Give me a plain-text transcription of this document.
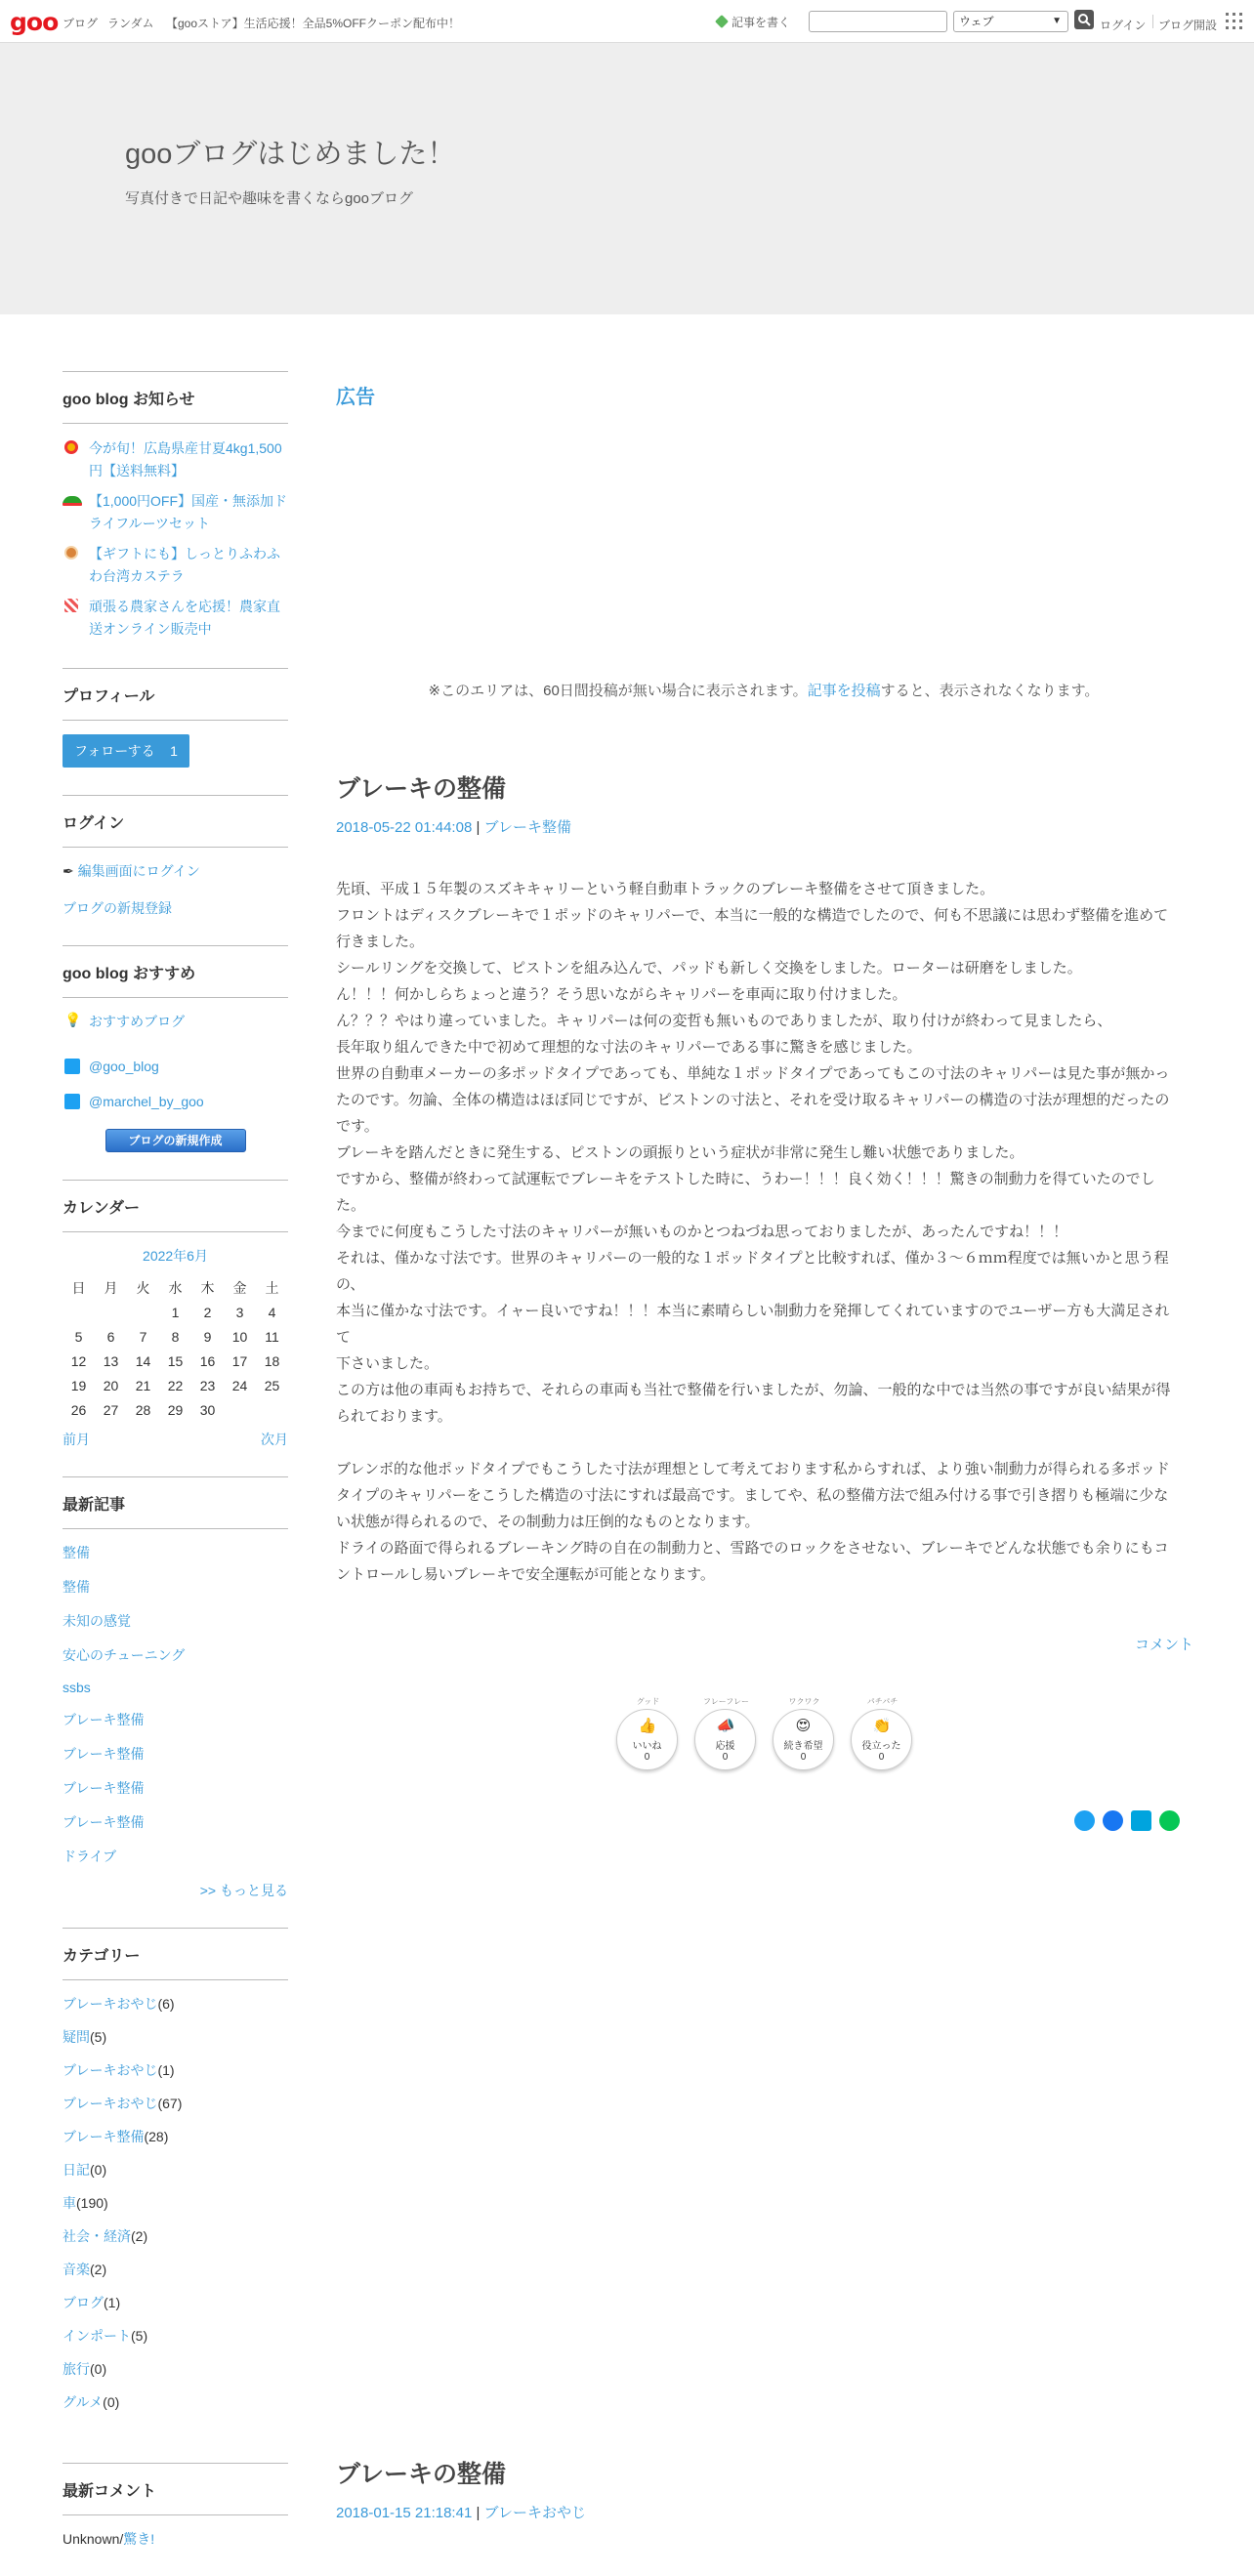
goo ブログ ランダム 【gooストア】生活応援！全品5%OFFクーポン配布中！	記事を書く	ウェブ	▼	ログイン ブログ開設
gooブログはじめました！
写真付きで日記や趣味を書くならgooブログ
goo blog お知らせ
今が旬！広島県産甘夏4kg1,500円【送料無料】
【1,000円OFF】国産・無添加ドライフルーツセット
【ギフトにも】しっとりふわふわ台湾カステラ
頑張る農家さんを応援！農家直送オンライン販売中
プロフィール
フォローする 1
ログイン
✒ 編集画面にログイン
ブログの新規登録
goo blog おすすめ
💡 おすすめブログ
@goo_blog
@marchel_by_goo
ブログの新規作成
カレンダー
2022年6月
日	月	火	水	木	金	土
			1	2	3	4
5	6	7	8	9	10	11
12	13	14	15	16	17	18
19	20	21	22	23	24	25
26	27	28	29	30		
前月	次月
最新記事
整備
整備
未知の感覚
安心のチューニング
ssbs
ブレーキ整備
ブレーキ整備
ブレーキ整備
ブレーキ整備
ドライブ
>> もっと見る
カテゴリー
ブレーキおやじ(6)
疑問(5)
ブレーキおやじ(1)
ブレーキおやじ(67)
ブレーキ整備(28)
日記(0)
車(190)
社会・経済(2)
音楽(2)
ブログ(1)
インポート(5)
旅行(0)
グルメ(0)
最新コメント
Unknown/驚き!
広告
※このエリアは、60日間投稿が無い場合に表示されます。記事を投稿すると、表示されなくなります。
ブレーキの整備
2018-05-22 01:44:08 | ブレーキ整備

先頃、平成１５年製のスズキキャリーという軽自動車トラックのブレーキ整備をさせて頂きました。

フロントはディスクブレーキで１ポッドのキャリパーで、本当に一般的な構造でしたので、何も不思議には思わず整備を進めて行きました。

シールリングを交換して、ピストンを組み込んで、パッドも新しく交換をしました。ローターは研磨をしました。

ん！！！何かしらちょっと違う？そう思いながらキャリパーを車両に取り付けました。

ん？？？やはり違っていました。キャリパーは何の変哲も無いものでありましたが、取り付けが終わって見ましたら、

長年取り組んできた中で初めて理想的な寸法のキャリパーである事に驚きを感じました。

世界の自動車メーカーの多ポッドタイプであっても、単純な１ポッドタイプであってもこの寸法のキャリパーは見た事が無かったのです。勿論、全体の構造はほぼ同じですが、ピストンの寸法と、それを受け取るキャリパーの構造の寸法が理想的だったのです。

ブレーキを踏んだときに発生する、ピストンの頭振りという症状が非常に発生し難い状態でありました。

ですから、整備が終わって試運転でブレーキをテストした時に、うわー！！！良く効く！！！驚きの制動力を得ていたのでした。

今までに何度もこうした寸法のキャリパーが無いものかとつねづね思っておりましたが、あったんですね！！！

それは、僅かな寸法です。世界のキャリパーの一般的な１ポッドタイプと比較すれば、僅か３～６ｍｍ程度では無いかと思う程の、

本当に僅かな寸法です。イャー良いですね！！！本当に素晴らしい制動力を発揮してくれていますのでユーザー方も大満足されて

下さいました。

この方は他の車両もお持ちで、それらの車両も当社で整備を行いましたが、勿論、一般的な中では当然の事ですが良い結果が得られております。

ブレンボ的な他ポッドタイプでもこうした寸法が理想として考えております私からすれば、より強い制動力が得られる多ポッドタイプのキャリパーをこうした構造の寸法にすれば最高です。ましてや、私の整備方法で組み付ける事で引き摺りも極端に少ない状態が得られるので、その制動力は圧倒的なものとなります。

ドライの路面で得られるブレーキング時の自在の制動力と、雪路でのロックをさせない、ブレーキでどんな状態でも余りにもコントロールし易いブレーキで安全運転が可能となります。

コメント
グッド
👍
いいね
0
フレーフレー
📣
応援
0
ワクワク
😍
続き希望
0
パチパチ
👏
役立った
0
ブレーキの整備
2018-01-15 21:18:41 | ブレーキおやじ
